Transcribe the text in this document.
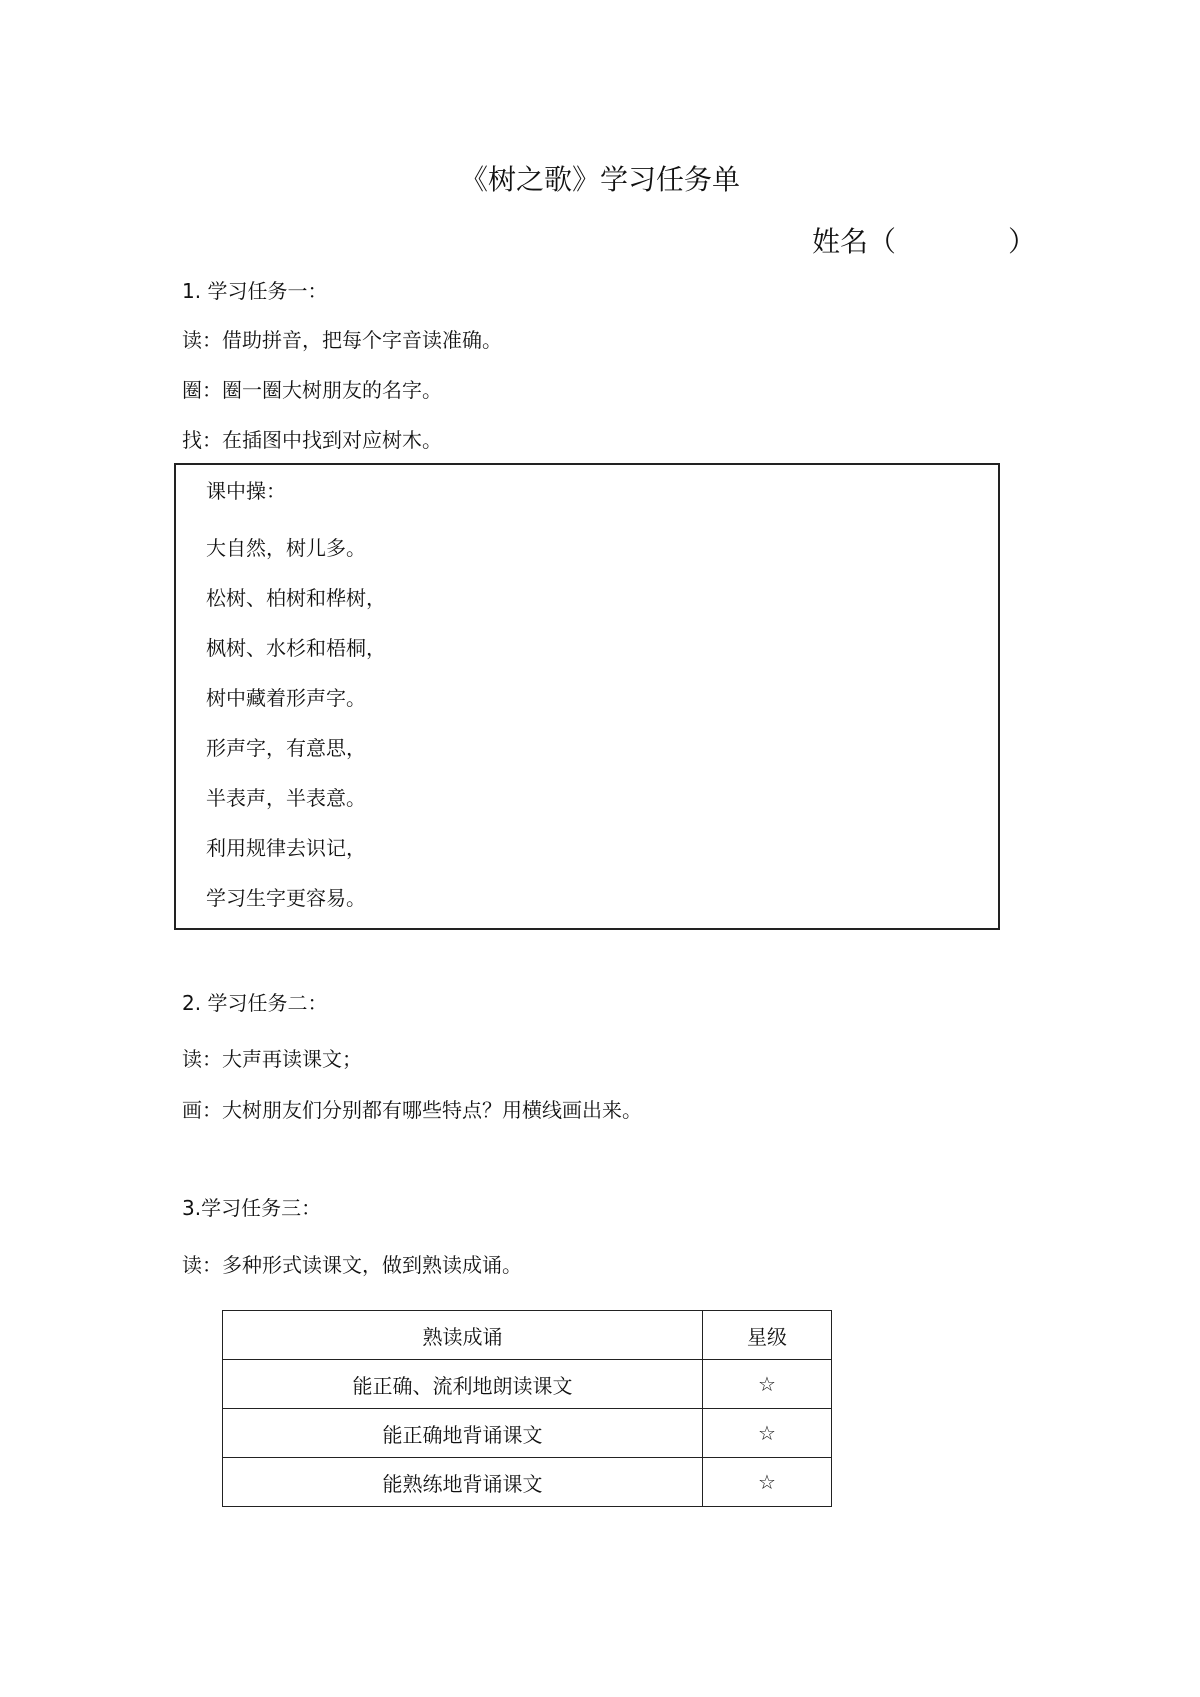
《树之歌》学习任务单
姓名（	）
1. 学习任务一：
读：借助拼音，把每个字音读准确。
圈：圈一圈大树朋友的名字。
找：在插图中找到对应树木。
课中操：
大自然，树儿多。
松树、柏树和桦树，
枫树、水杉和梧桐，
树中藏着形声字。
形声字，有意思，
半表声，半表意。
利用规律去识记，
学习生字更容易。
2. 学习任务二：
读：大声再读课文；
画：大树朋友们分别都有哪些特点？用横线画出来。
3.学习任务三：
读：多种形式读课文，做到熟读成诵。
熟读成诵	星级
能正确、流利地朗读课文	☆
能正确地背诵课文	☆
能熟练地背诵课文	☆
